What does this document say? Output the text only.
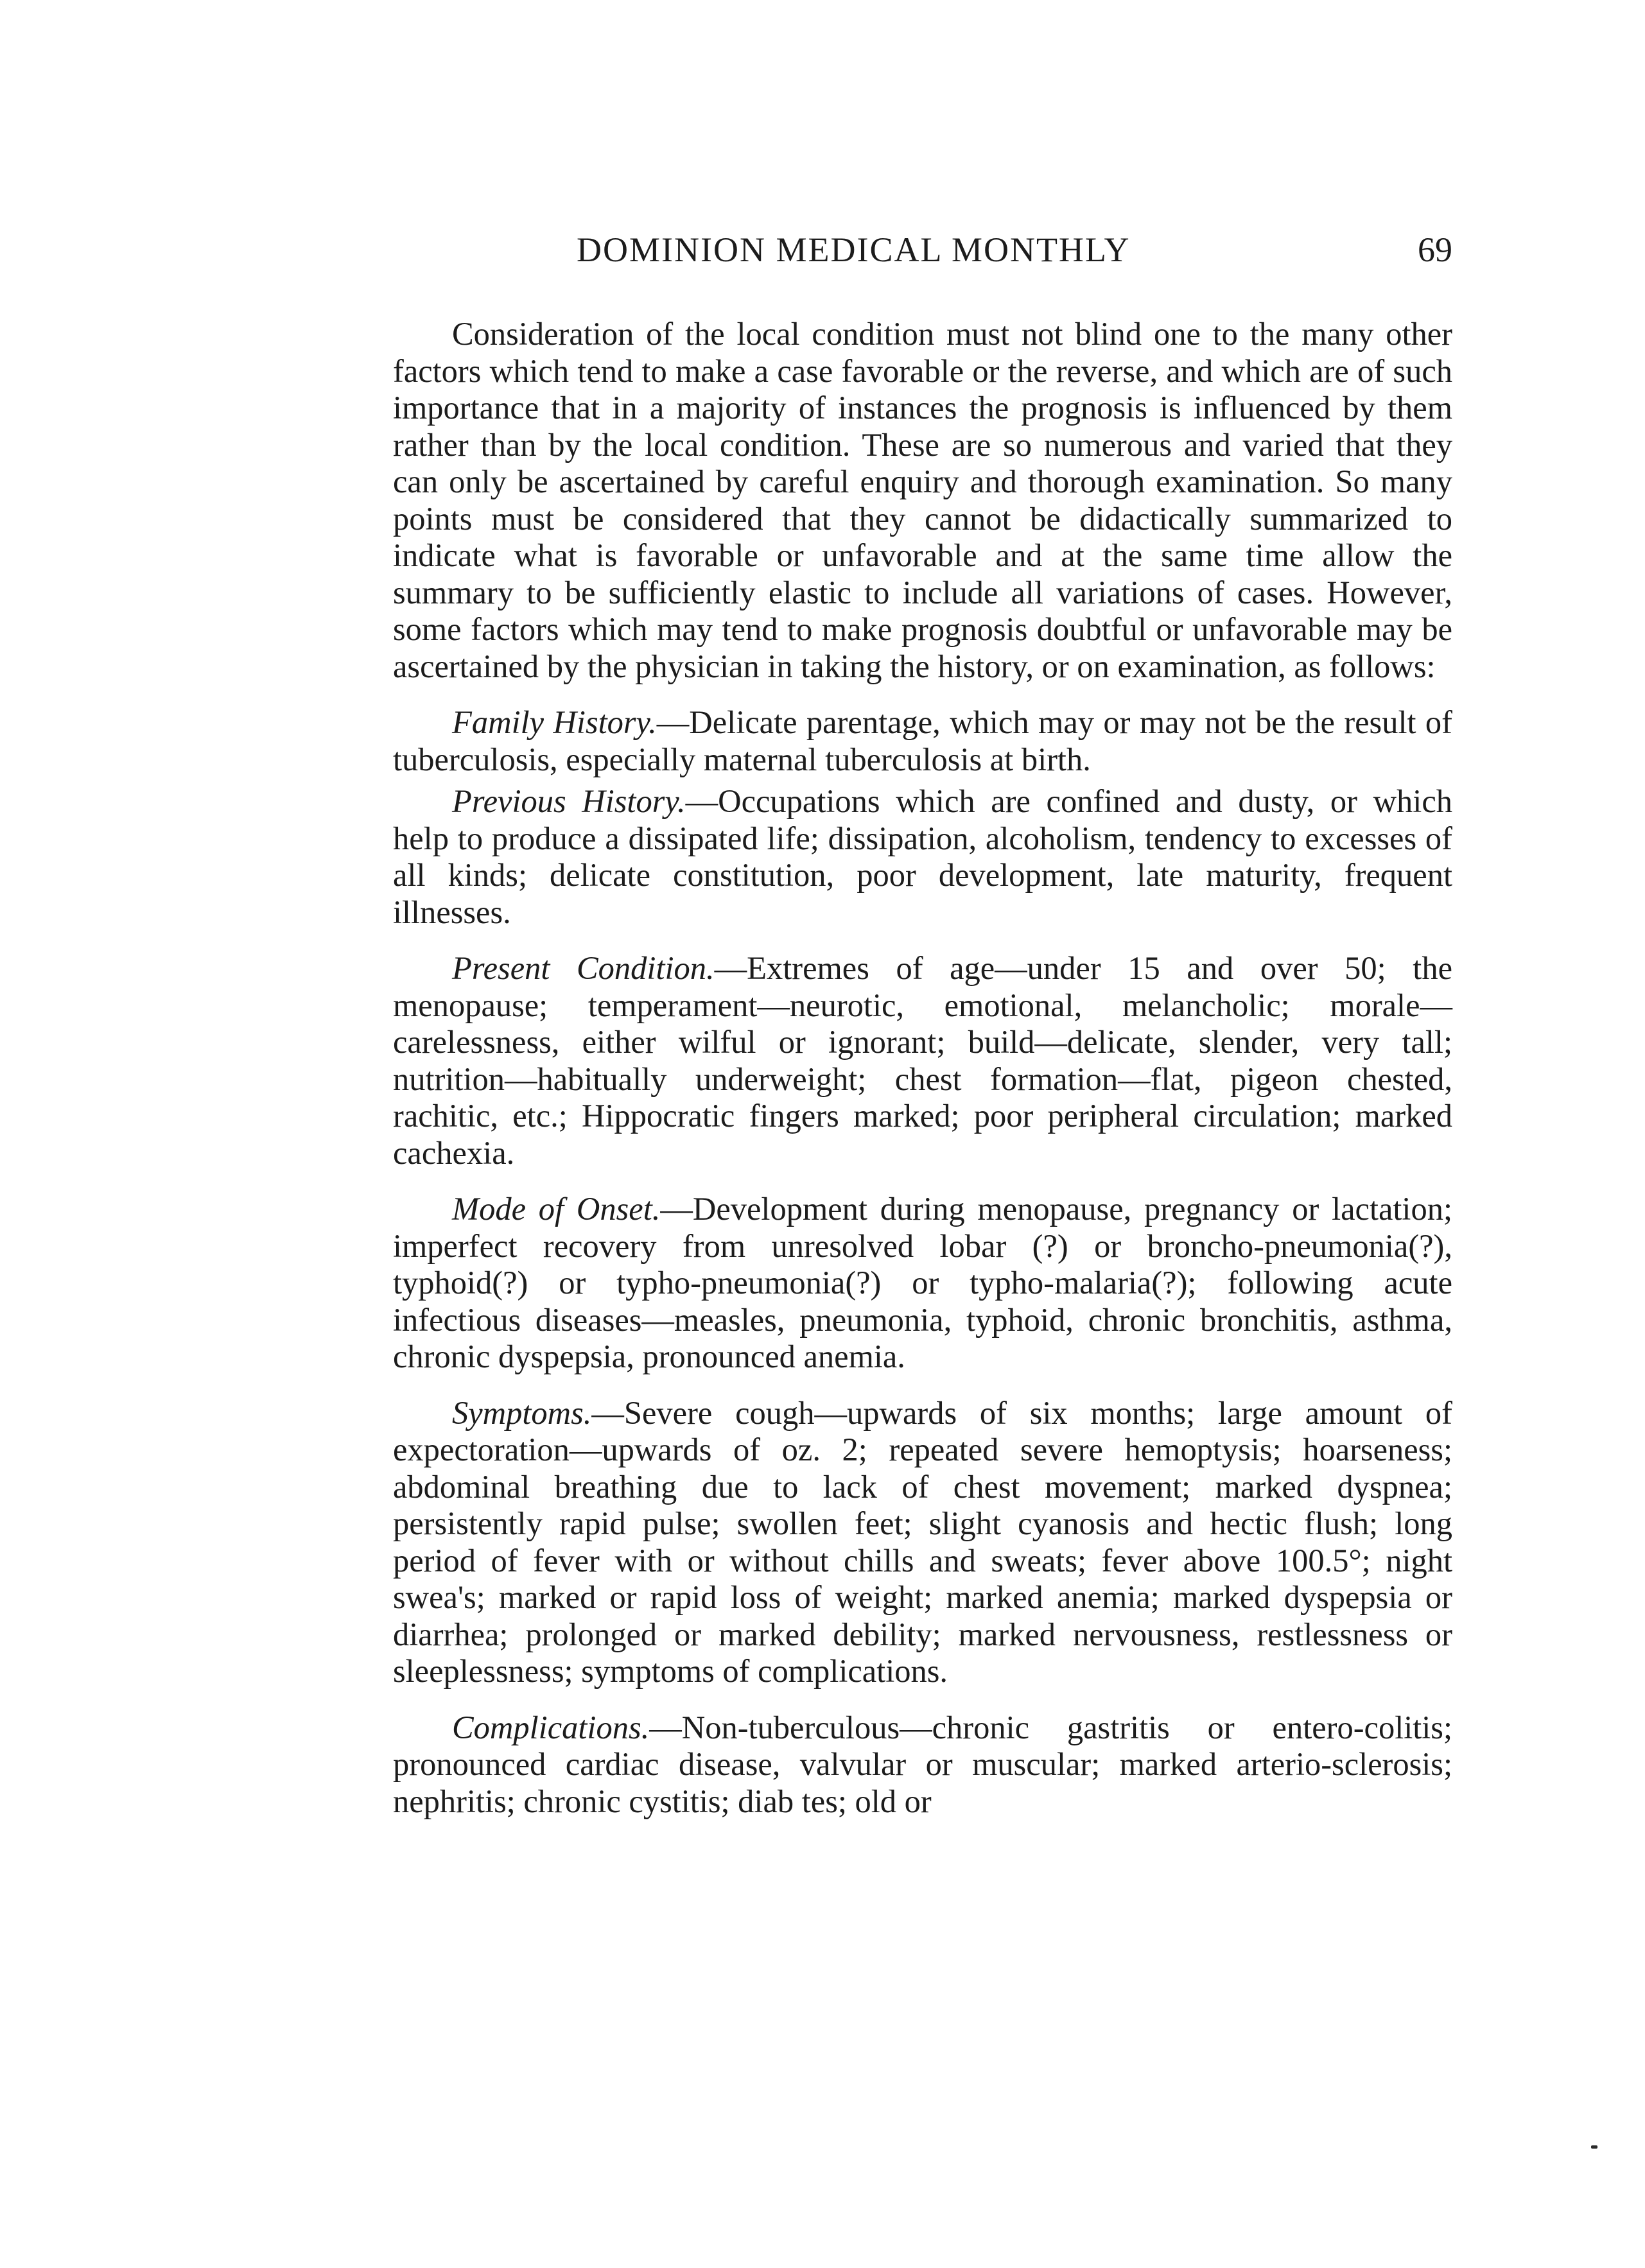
DOMINION MEDICAL MONTHLY	69

Consideration of the local condition must not blind one to the many other factors which tend to make a case favorable or the reverse, and which are of such importance that in a majority of instances the prognosis is influenced by them rather than by the local condition. These are so numerous and varied that they can only be ascertained by careful enquiry and thorough examination. So many points must be considered that they cannot be didactically summarized to indicate what is favorable or unfavorable and at the same time allow the summary to be sufficiently elastic to include all variations of cases. However, some factors which may tend to make prognosis doubtful or unfavorable may be ascertained by the physician in taking the history, or on examination, as follows:

Family History.—Delicate parentage, which may or may not be the result of tuberculosis, especially maternal tuberculosis at birth.

Previous History.—Occupations which are confined and dusty, or which help to produce a dissipated life; dissipation, alcoholism, tendency to excesses of all kinds; delicate constitution, poor development, late maturity, frequent illnesses.

Present Condition.—Extremes of age—under 15 and over 50; the menopause; temperament—neurotic, emotional, melancholic; morale—carelessness, either wilful or ignorant; build—delicate, slender, very tall; nutrition—habitually underweight; chest formation—flat, pigeon chested, rachitic, etc.; Hippocratic fingers marked; poor peripheral circulation; marked cachexia.

Mode of Onset.—Development during menopause, pregnancy or lactation; imperfect recovery from unresolved lobar (?) or broncho-pneumonia(?), typhoid(?) or typho-pneumonia(?) or typho-malaria(?); following acute infectious diseases—measles, pneumonia, typhoid, chronic bronchitis, asthma, chronic dyspepsia, pronounced anemia.

Symptoms.—Severe cough—upwards of six months; large amount of expectoration—upwards of oz. 2; repeated severe hemoptysis; hoarseness; abdominal breathing due to lack of chest movement; marked dyspnea; persistently rapid pulse; swollen feet; slight cyanosis and hectic flush; long period of fever with or without chills and sweats; fever above 100.5°; night swea's; marked or rapid loss of weight; marked anemia; marked dyspepsia or diarrhea; prolonged or marked debility; marked nervousness, restlessness or sleeplessness; symptoms of complications.

Complications.—Non-tuberculous—chronic gastritis or entero-colitis; pronounced cardiac disease, valvular or muscular; marked arterio-sclerosis; nephritis; chronic cystitis; diab tes; old or
